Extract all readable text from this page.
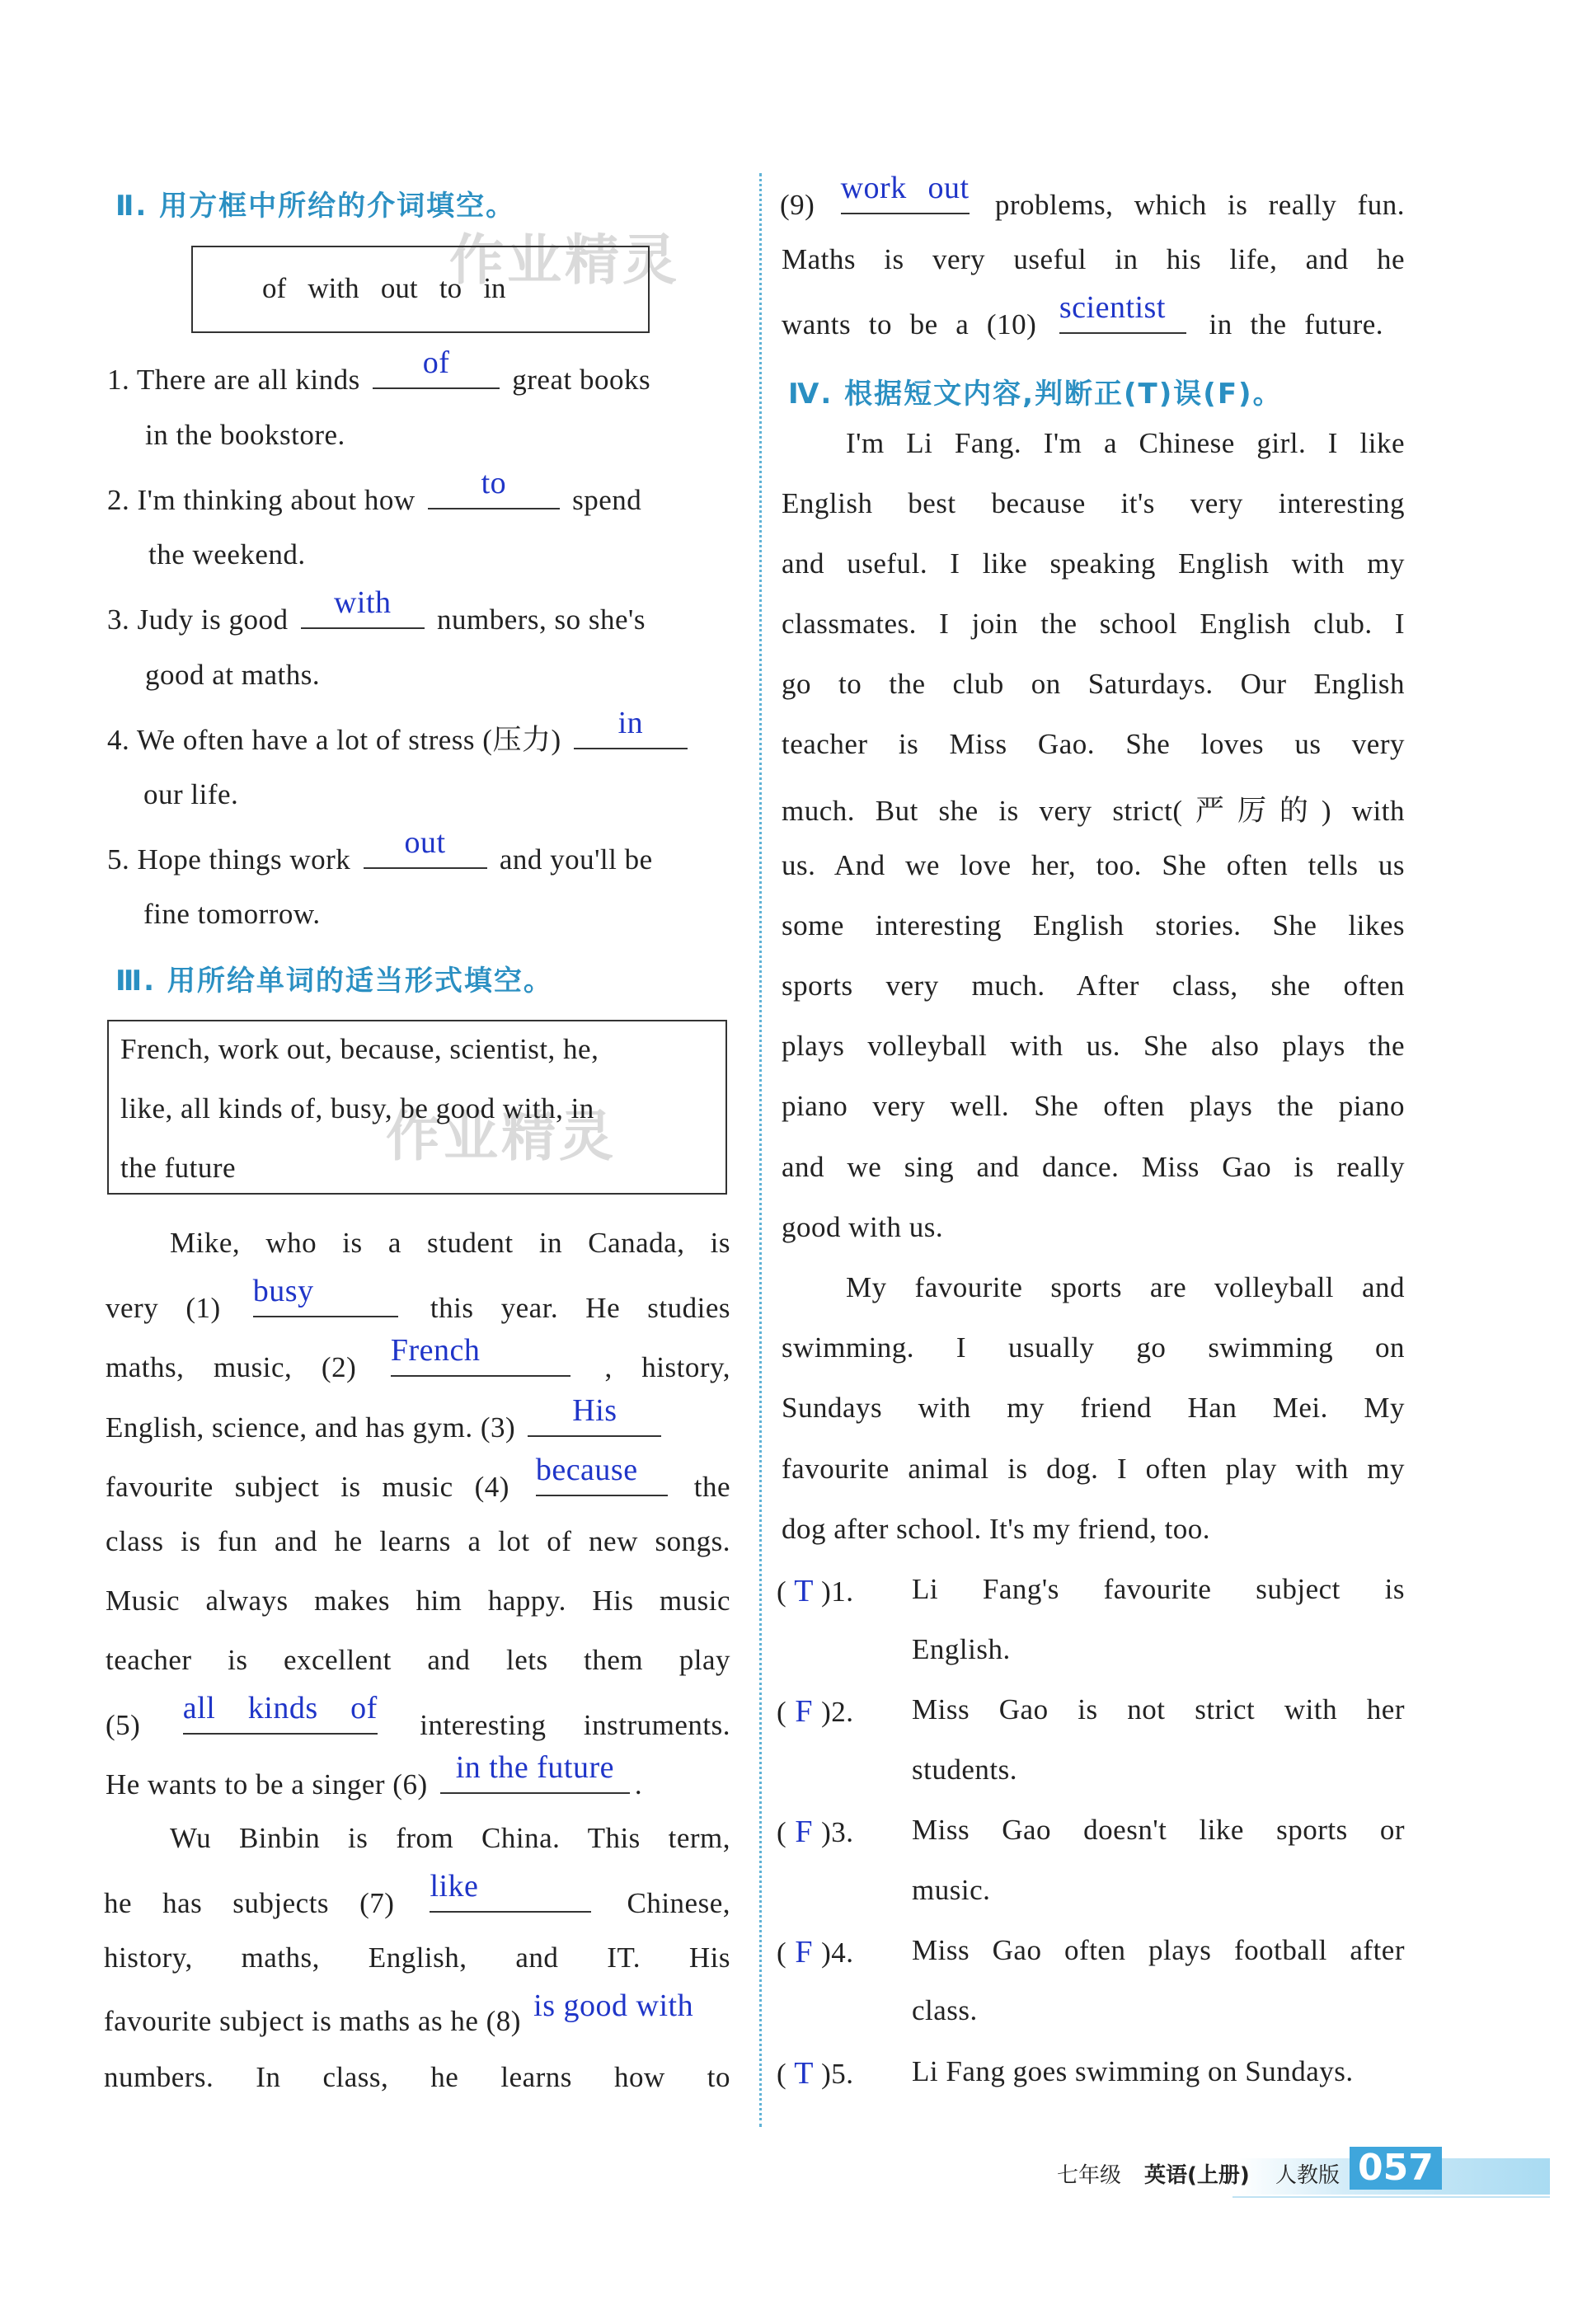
作业精灵
作业精灵
Ⅱ. 用方框中所给的介词填空。
of   with   out   to   in
1. There are all kinds	of	great books
in the bookstore.
2. I'm thinking about how	to	spend
the weekend.
3. Judy is good	with	numbers, so she's
good at maths.
4. We often have a lot of stress (压力)	in
our life.
5. Hope things work	out	and you'll be
fine tomorrow.
Ⅲ. 用所给单词的适当形式填空。
French, work out, because, scientist, he,
like, all kinds of, busy, be good with, in
the future
Mike, who is a student in Canada, is
very (1) busy	this year. He studies
maths, music, (2) French	, history,
English, science, and has gym. (3)	His
favourite subject is music (4) because	the
class is fun and he learns a lot of new songs.
Music always makes him happy. His music
teacher is excellent and lets them play
(5) all kinds of interesting instruments.
He wants to be a singer (6) in the future .
Wu Binbin is from China. This term,
he has subjects (7) like	Chinese,
history, maths, English, and IT. His
favourite subject is maths as he (8) is good with
numbers. In class, he learns how to
(9) work out problems, which is really fun.
Maths is very useful in his life, and he
wants to be a (10) scientist	in the future.
Ⅳ. 根据短文内容,判断正(T)误(F)。
I'm Li Fang. I'm a Chinese girl. I like
English best because it's very interesting
and useful. I like speaking English with my
classmates. I join the school English club. I
go to the club on Saturdays. Our English
teacher is Miss Gao. She loves us very
much. But she is very strict(严厉的) with
us. And we love her, too. She often tells us
some interesting English stories. She likes
sports very much. After class, she often
plays volleyball with us. She also plays the
piano very well. She often plays the piano
and we sing and dance. Miss Gao is really
good with us.
My favourite sports are volleyball and
swimming. I usually go swimming on
Sundays with my friend Han Mei. My
favourite animal is dog. I often play with my
dog after school. It's my friend, too.
( T )1.	Li Fang's favourite subject is
English.
( F )2.	Miss Gao is not strict with her
students.
( F )3.	Miss Gao doesn't like sports or
music.
( F )4.	Miss Gao often plays football after
class.
( T )5.	Li Fang goes swimming on Sundays.
七年级 英语(上册) 人教版 057
